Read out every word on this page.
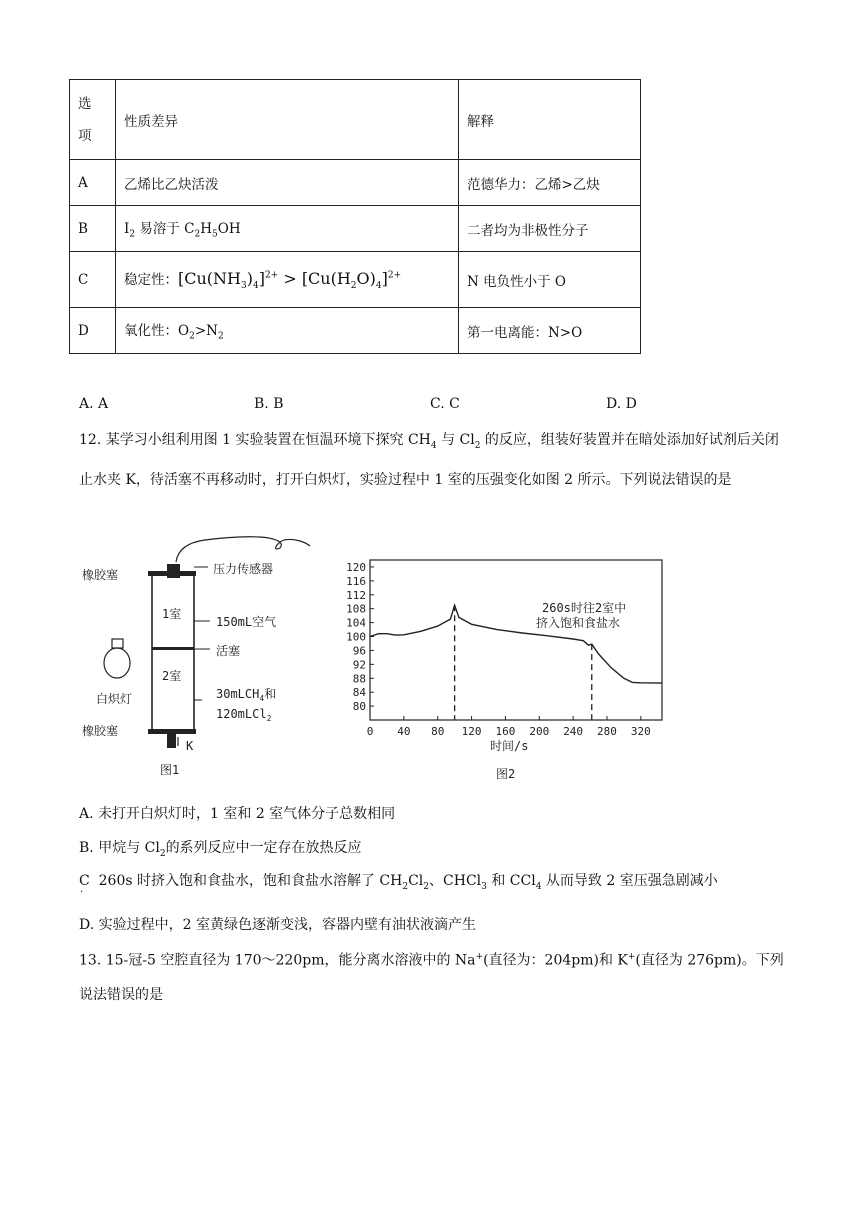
选
项	性质差异	解释
A	乙烯比乙炔活泼	范德华力：乙烯>乙炔
B	$I_2$ 易溶于 $C_2H_5OH$	二者均为非极性分子
C	稳定性：$[Cu(NH_3)_4]^{2+} > [Cu(H_2O)_4]^{2+}$	N 电负性小于 O
D	氧化性：$O_2>N_2$	第一电离能：N>O
A. A	B. B	C. C	D. D
12. 某学习小组利用图 1 实验装置在恒温环境下探究 $CH_4$ 与 $Cl_2$ 的反应，组装好装置并在暗处添加好试剂后关闭止水夹 K，待活塞不再移动时，打开白炽灯，实验过程中 1 室的压强变化如图 2 所示。下列说法错误的是
橡胶塞	压力传感器
1室
150mL空气
活塞
2室
白炽灯	30mLCH$_4$和
120mLCl$_2$
橡胶塞
K
图1
80
84
88
92
96
100
104
108
112
116
120
0 40 80 120 160 200 240 280 320
260s时往2室中
挤入饱和食盐水
时间/s
图2
A. 未打开白炽灯时，1 室和 2 室气体分子总数相同
B. 甲烷与 $Cl_2$的系列反应中一定存在放热反应
C 260s 时挤入饱和食盐水，饱和食盐水溶解了 $CH_2Cl_2$、CHCl$_3$ 和 CCl$_4$ 从而导致 2 室压强急剧减小
·
D. 实验过程中，2 室黄绿色逐渐变浅，容器内壁有油状液滴产生
13. 15-冠-5 空腔直径为 170～220pm，能分离水溶液中的 Na+(直径为：204pm)和 K+(直径为 276pm)。下列说法错误的是
